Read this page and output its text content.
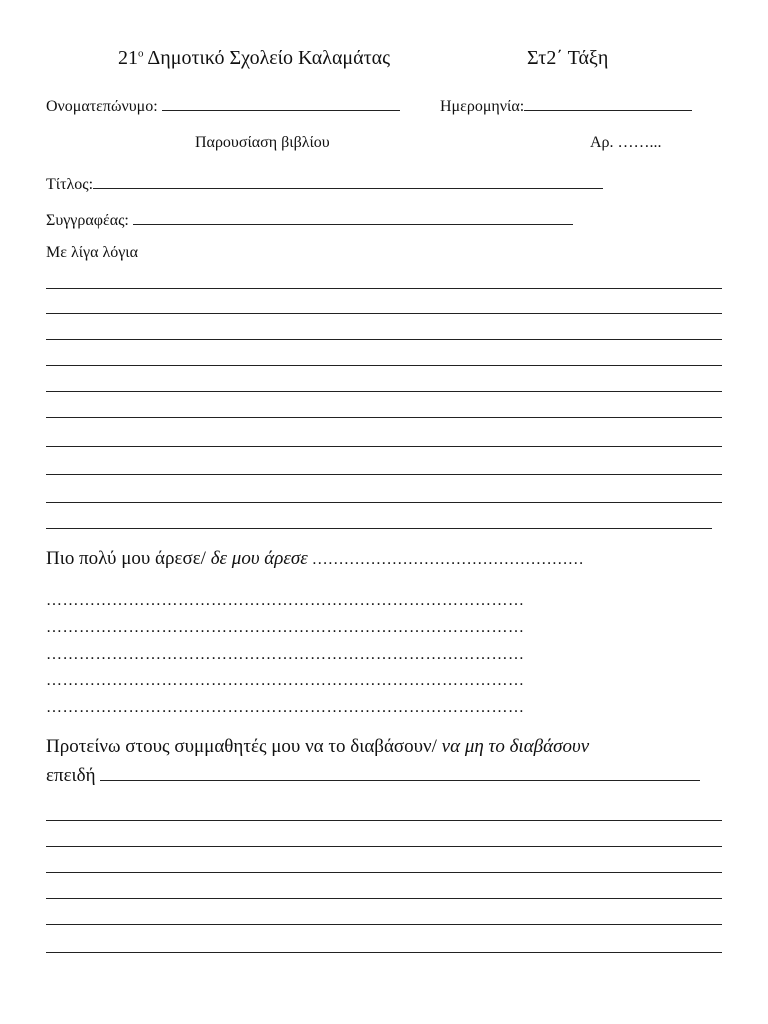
$21^o$ Δημοτικό Σχολείο Καλαμάτας	Στ2΄ Τάξη
Ονοματεπώνυμο:	Ημερομηνία:
Παρουσίαση βιβλίου	Αρ. ……...
Τίτλος:
Συγγραφέας:
Με λίγα λόγια
Πιο πολύ μου άρεσε/ δε μου άρεσε ……………………………………………
……………………………………………………………………………
……………………………………………………………………………
……………………………………………………………………………
……………………………………………………………………………
……………………………………………………………………………
Προτείνω στους συμμαθητές μου να το διαβάσουν/ να μη το διαβάσουν
επειδή
